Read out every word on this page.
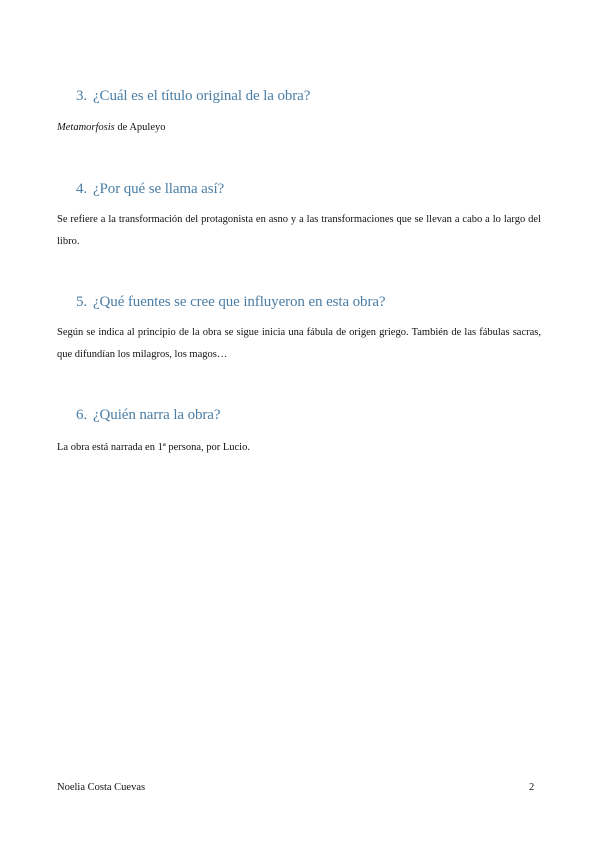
3. ¿Cuál es el título original de la obra?
Metamorfosis de Apuleyo
4. ¿Por qué se llama así?
Se refiere a la transformación del protagonista en asno y a las transformaciones que se llevan a cabo a lo largo del libro.
5. ¿Qué fuentes se cree que influyeron en esta obra?
Según se indica al principio de la obra se sigue inicia una fábula de origen griego. También de las fábulas sacras, que difundían los milagros, los magos…
6. ¿Quién narra la obra?
La obra está narrada en 1ª persona, por Lucio.
Noelia Costa Cuevas	2
